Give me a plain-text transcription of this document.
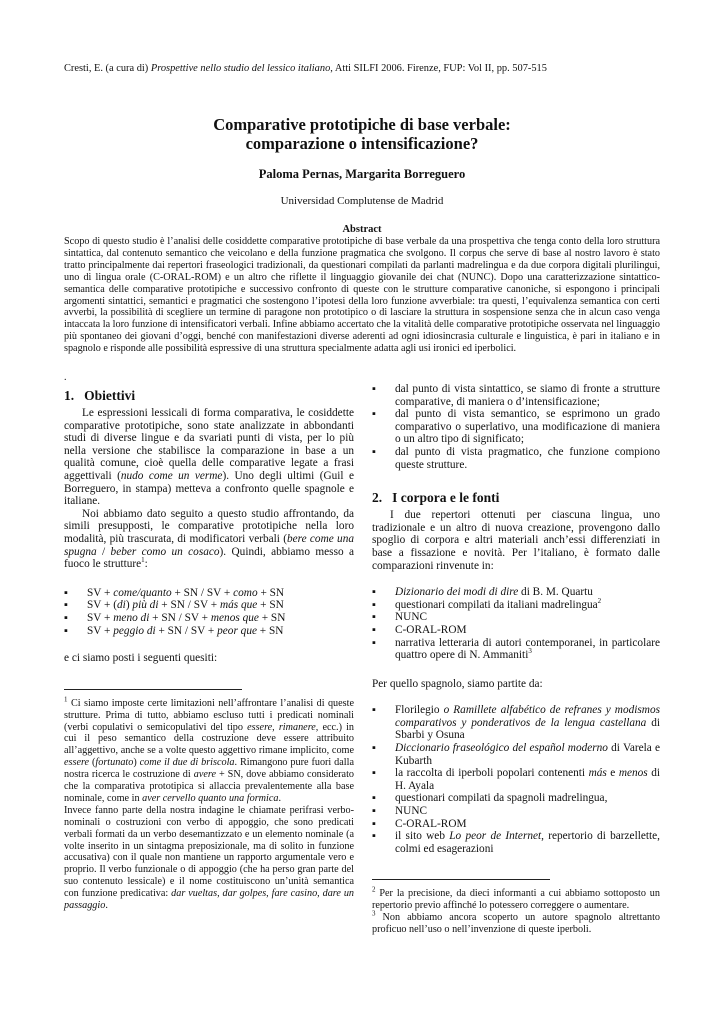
Cresti, E. (a cura di) Prospettive nello studio del lessico italiano, Atti SILFI 2006. Firenze, FUP: Vol II, pp. 507-515
Comparative prototipiche di base verbale:
comparazione o intensificazione?
Paloma Pernas, Margarita Borreguero
Universidad Complutense de Madrid
Abstract
Scopo di questo studio è l’analisi delle cosiddette comparative prototipiche di base verbale da una prospettiva che tenga conto della loro struttura sintattica, dal contenuto semantico che veicolano e della funzione pragmatica che svolgono. Il corpus che serve di base al nostro lavoro è stato tratto principalmente dai repertori fraseologici tradizionali, da questionari compilati da parlanti madrelingua e da due corpora digitali plurilingui, uno di lingua orale (C-ORAL-ROM) e un altro che riflette il linguaggio giovanile dei chat (NUNC). Dopo una caratterizzazione sintattico-semantica delle comparative prototipiche e successivo confronto di queste con le strutture comparative canoniche, si espongono i principali argomenti sintattici, semantici e pragmatici che sostengono l’ipotesi della loro funzione avverbiale: tra questi, l’equivalenza semantica con certi avverbi, la possibilità di scegliere un termine di paragone non prototipico o di lasciare la struttura in sospensione senza che in alcun caso venga intaccata la loro funzione di intensificatori verbali. Infine abbiamo accertato che la vitalità delle comparative prototipiche osservata nel linguaggio più spontaneo dei giovani d’oggi, benché con manifestazioni diverse aderenti ad ogni idiosincrasia culturale e linguistica, è pari in italiano e in spagnolo e risponde alle possibilità espressive di una struttura specialmente adatta agli usi ironici ed iperbolici.
.
1. Obiettivi

Le espressioni lessicali di forma comparativa, le cosiddette comparative prototipiche, sono state analizzate in abbondanti studi di diverse lingue e da svariati punti di vista, per lo più nella versione che stabilisce la comparazione in base a un qualità comune, cioè quella delle comparative legate a frasi aggettivali (nudo come un verme). Uno degli ultimi (Guil e Borreguero, in stampa) metteva a confronto quelle spagnole e italiane.

Noi abbiamo dato seguito a questo studio affrontando, da simili presupposti, le comparative prototipiche nella loro modalità, più trascurata, di modificatori verbali (bere come una spugna / beber como un cosaco). Quindi, abbiamo messo a fuoco le strutture$^1$:

▪ SV + come/quanto + SN / SV + como + SN
▪ SV + (di) più di + SN / SV + más que + SN
▪ SV + meno di + SN / SV + menos que + SN
▪ SV + peggio di + SN / SV + peor que + SN

e ci siamo posti i seguenti quesiti:

$^1$ Ci siamo imposte certe limitazioni nell’affrontare l’analisi di queste strutture. Prima di tutto, abbiamo escluso tutti i predicati nominali (verbi copulativi o semicopulativi del tipo essere, rimanere, ecc.) in cui il peso semantico della costruzione deve essere attribuito all’aggettivo, anche se a volte questo aggettivo rimane implicito, come essere (fortunato) come il due di briscola. Rimangono pure fuori dalla nostra ricerca le costruzione di avere + SN, dove abbiamo considerato che la comparativa prototipica si allaccia prevalentemente alla base nominale, come in aver cervello quanto una formica.

Invece fanno parte della nostra indagine le chiamate perifrasi verbo-nominali o costruzioni con verbo di appoggio, che sono predicati verbali formati da un verbo desemantizzato e un elemento nominale (a volte inserito in un sintagma preposizionale, ma di solito in funzione accusativa) con il quale non mantiene un rapporto argumentale vero e proprio. Il verbo funzionale o di appoggio (che ha perso gran parte del suo contenuto lessicale) e il nome costituiscono un’unità semantica con funzione predicativa: dar vueltas, dar golpes, fare casino, dare un passaggio.

▪ dal punto di vista sintattico, se siamo di fronte a strutture comparative, di maniera o d’intensificazione;
▪ dal punto di vista semantico, se esprimono un grado comparativo o superlativo, una modificazione di maniera o un altro tipo di significato;
▪ dal punto di vista pragmatico, che funzione compiono queste strutture.
2. I corpora e le fonti

I due repertori ottenuti per ciascuna lingua, uno tradizionale e un altro di nuova creazione, provengono dallo spoglio di corpora e altri materiali anch’essi differenziati in base a fissazione e novità. Per l’italiano, è formato dalle comparazioni rinvenute in:

▪ Dizionario dei modi di dire di B. M. Quartu
▪ questionari compilati da italiani madrelingua$^2$
▪ NUNC
▪ C-ORAL-ROM
▪ narrativa letteraria di autori contemporanei, in particolare quattro opere di N. Ammaniti$^3$

Per quello spagnolo, siamo partite da:

▪ Florilegio o Ramillete alfabético de refranes y modismos comparativos y ponderativos de la lengua castellana di Sbarbi y Osuna
▪ Diccionario fraseológico del español moderno di Varela e Kubarth
▪ la raccolta di iperboli popolari contenenti más e menos di H. Ayala
▪ questionari compilati da spagnoli madrelingua,
▪ NUNC
▪ C-ORAL-ROM
▪ il sito web Lo peor de Internet, repertorio di barzellette, colmi ed esagerazioni
$^2$ Per la precisione, da dieci informanti a cui abbiamo sottoposto un repertorio previo affinché lo potessero correggere o aumentare.
$^3$ Non abbiamo ancora scoperto un autore spagnolo altrettanto proficuo nell’uso o nell’invenzione di queste iperboli.
